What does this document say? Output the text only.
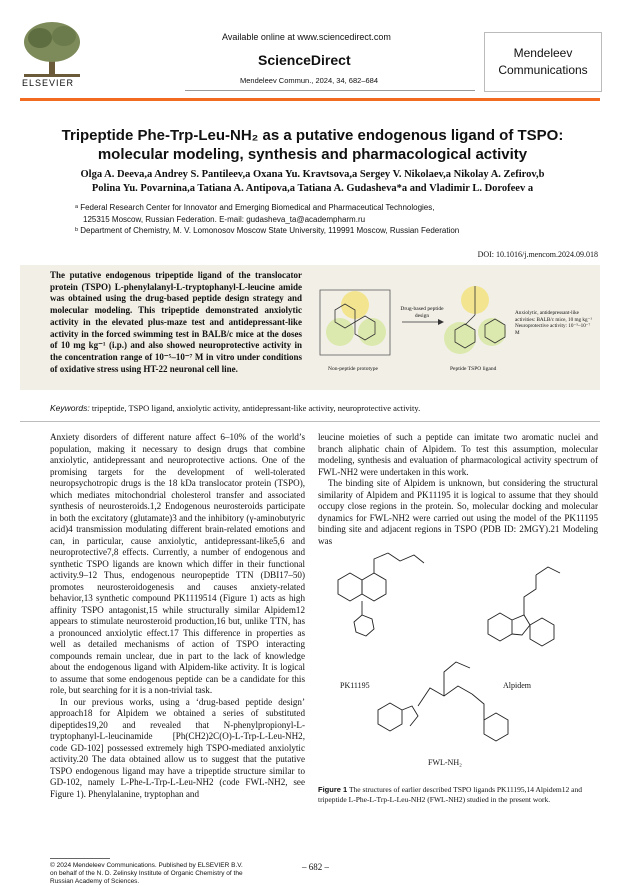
ELSEVIER
Available online at www.sciencedirect.com
ScienceDirect
Mendeleev Commun., 2024, 34, 682–684
Mendeleev
Communications
Tripeptide Phe-Trp-Leu-NH₂ as a putative endogenous ligand of TSPO:
molecular modeling, synthesis and pharmacological activity
Olga A. Deeva,a Andrey S. Pantileev,a Oxana Yu. Kravtsova,a Sergey V. Nikolaev,a Nikolay A. Zefirov,b
Polina Yu. Povarnina,a Tatiana A. Antipova,a Tatiana A. Gudasheva*a and Vladimir L. Dorofeev a
ᵃ Federal Research Center for Innovator and Emerging Biomedical and Pharmaceutical Technologies,
125315 Moscow, Russian Federation. E-mail: gudasheva_ta@academpharm.ru
ᵇ Department of Chemistry, M. V. Lomonosov Moscow State University, 119991 Moscow, Russian Federation
DOI: 10.1016/j.mencom.2024.09.018
The putative endogenous tripeptide ligand of the translocator protein (TSPO) L-phenylalanyl-L-tryptophanyl-L-leucine amide was obtained using the drug-based peptide design strategy and molecular modeling. This tripeptide demonstrated anxiolytic activity in the elevated plus-maze test and antidepressant-like activity in the forced swimming test in BALB/c mice at the doses of 10 mg kg⁻¹ (i.p.) and also showed neuroprotective activity in the concentration range of 10⁻⁵–10⁻⁷ M in vitro under conditions of oxidative stress using HT-22 neuronal cell line.
Drug-based peptide design
Non-peptide prototype	Peptide TSPO ligand
Anxiolytic, antidepressant-like activities: BALB/c mice, 10 mg kg⁻¹ Neuroprotective activity: 10⁻⁵–10⁻⁷ M
Keywords: tripeptide, TSPO ligand, anxiolytic activity, antidepressant-like activity, neuroprotective activity.

Anxiety disorders of different nature affect 6–10% of the world’s population, making it necessary to design drugs that combine anxiolytic, antidepressant and neuroprotective actions. One of the promising targets for the development of well-tolerated neuropsychotropic drugs is the 18 kDa translocator protein (TSPO), which mediates mitochondrial cholesterol transfer and associated synthesis of neurosteroids.1,2 Endogenous neurosteroids participate in both the excitatory (glutamate)3 and the inhibitory (γ-aminobutyric acid)4 transmission modulating different brain-related emotions and can, in particular, cause anxiolytic, antidepressant-like5,6 and neuroprotective7,8 effects. Currently, a number of endogenous and synthetic TSPO ligands are known which differ in their functional activity.9–12 Thus, endogenous neuropeptide TTN (DBI17–50) promotes neurosteroidogenesis and causes anxiety-related behavior,13 synthetic compound PK1119514 (Figure 1) acts as high affinity TSPO antagonist,15 while structurally similar Alpidem12 appears to stimulate neurosteroid production,16 but, unlike TTN, has a pronounced anxiolytic effect.17 This difference in properties as well as detailed mechanisms of action of TSPO interacting compounds remain unclear, due in part to the lack of knowledge about the endogenous ligand with Alpidem-like activity. It is logical to assume that some endogenous peptide can be a candidate for this role, but searching for it is a non-trivial task.

In our previous works, using a ‘drug-based peptide design’ approach18 for Alpidem we obtained a series of substituted dipeptides19,20 and revealed that N-phenylpropionyl-L-tryptophanyl-L-leucinamide [Ph(CH2)2C(O)-L-Trp-L-Leu-NH2, code GD-102] possessed extremely high TSPO-mediated anxiolytic activity.20 The data obtained allow us to suggest that the putative TSPO endogenous ligand may have a tripeptide structure similar to GD-102, namely L-Phe-L-Trp-L-Leu-NH2 (code FWL-NH2, see Figure 1). Phenylalanine, tryptophan and

leucine moieties of such a peptide can imitate two aromatic nuclei and branch aliphatic chain of Alpidem. To test this assumption, molecular modeling, synthesis and evaluation of pharmacological activity spectrum of FWL-NH2 were undertaken in this work.

The binding site of Alpidem is unknown, but considering the structural similarity of Alpidem and PK11195 it is logical to assume that they should occupy close regions in the protein. So, molecular docking and molecular dynamics for FWL-NH2 were carried out using the model of the PK11195 binding site and adjacent regions in TSPO (PDB ID: 2MGY).21 Modeling was

PK11195	Alpidem
FWL-NH₂
Figure 1 The structures of earlier described TSPO ligands PK11195,14 Alpidem12 and tripeptide L-Phe-L-Trp-L-Leu-NH2 (FWL-NH2) studied in the present work.
© 2024 Mendeleev Communications. Published by ELSEVIER B.V.
on behalf of the N. D. Zelinsky Institute of Organic Chemistry of the
Russian Academy of Sciences.
– 682 –
